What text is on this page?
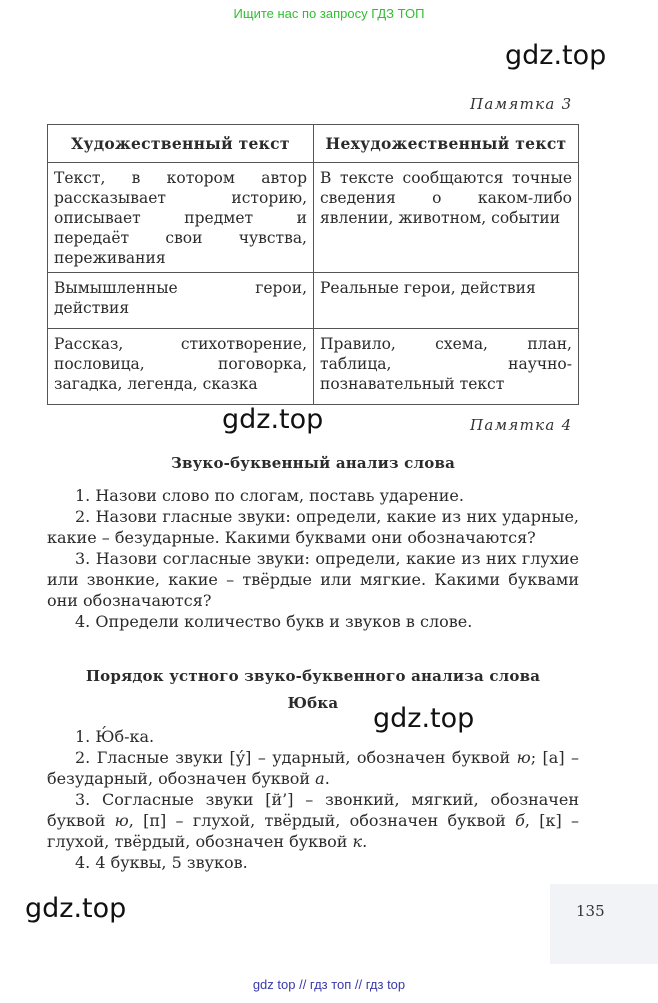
Ищите нас по запросу ГДЗ ТОП
gdz.top
Памятка 3
Художественный текст	Нехудожественный текст
Текст, в котором автор рассказывает историю, описывает предмет и передаёт свои чувства, переживания	В тексте сообщаются точные сведения о каком-либо явлении, животном, событии
Вымышленные герои, действия	Реальные герои, действия
Рассказ, стихотворение, пословица, поговорка, загадка, легенда, сказка	Правило, схема, план, таблица, научно-познавательный текст
gdz.top	Памятка 4
Звуко-буквенный анализ слова

1. Назови слово по слогам, поставь ударение.

2. Назови гласные звуки: определи, какие из них ударные, какие – безударные. Какими буквами они обозначаются?

3. Назови согласные звуки: определи, какие из них глухие или звонкие, какие – твёрдые или мягкие. Какими буквами они обозначаются?

4. Определи количество букв и звуков в слове.

Порядок устного звуко-буквенного анализа слова
Юбка	gdz.top

1. Ю́б-ка.

2. Гласные звуки [у́] – ударный, обозначен буквой ю; [а] – безударный, обозначен буквой а.

3. Согласные звуки [й’] – звонкий, мягкий, обозначен буквой ю, [п] – глухой, твёрдый, обозначен буквой б, [к] – глухой, твёрдый, обозначен буквой к.

4. 4 буквы, 5 звуков.

gdz.top	135
gdz top // гдз топ // гдз top
